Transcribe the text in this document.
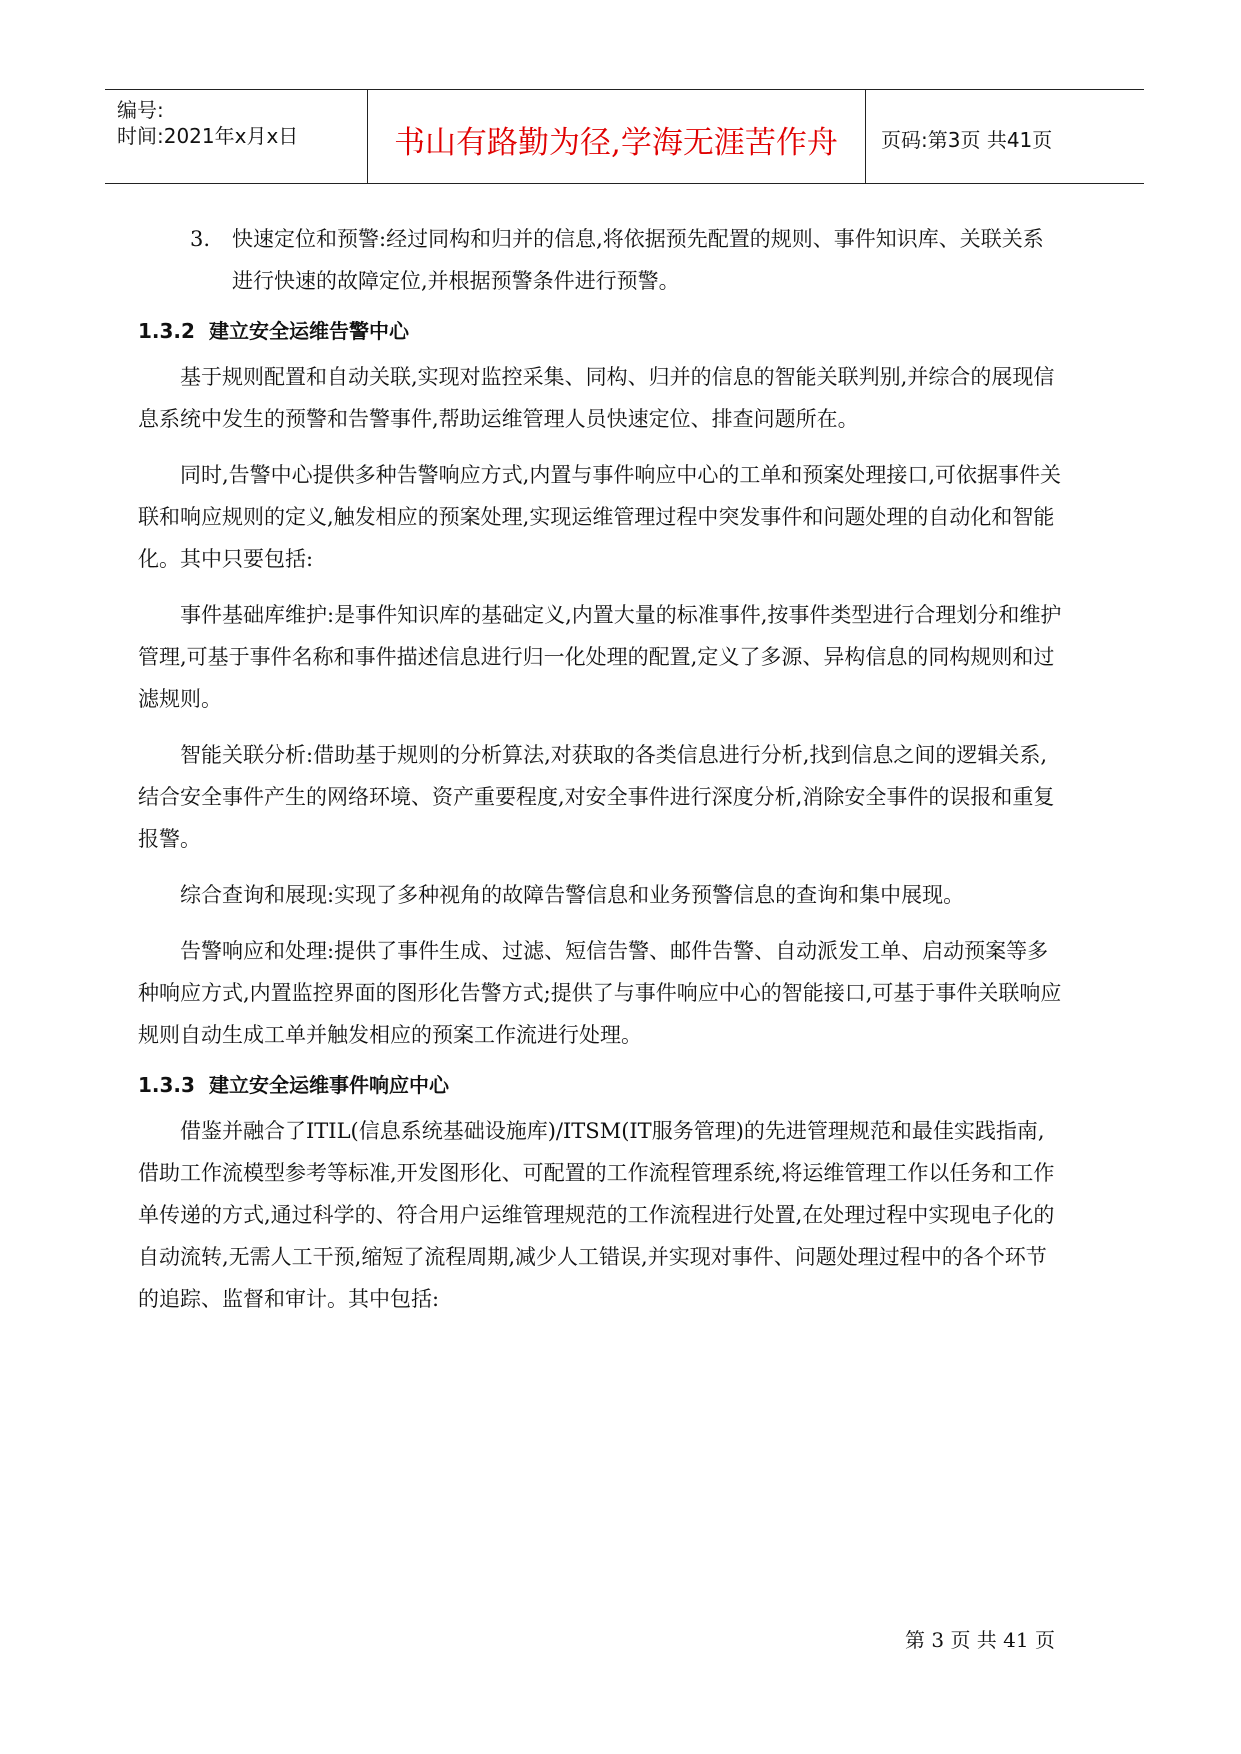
编号:
时间:2021年x月x日	书山有路勤为径,学海无涯苦作舟	页码:第3页 共41页
3. 快速定位和预警:经过同构和归并的信息,将依据预先配置的规则、事件知识库、关联关系进行快速的故障定位,并根据预警条件进行预警。
1.3.2 建立安全运维告警中心

基于规则配置和自动关联,实现对监控采集、同构、归并的信息的智能关联判别,并综合的展现信息系统中发生的预警和告警事件,帮助运维管理人员快速定位、排查问题所在。

同时,告警中心提供多种告警响应方式,内置与事件响应中心的工单和预案处理接口,可依据事件关联和响应规则的定义,触发相应的预案处理,实现运维管理过程中突发事件和问题处理的自动化和智能化。其中只要包括:

事件基础库维护:是事件知识库的基础定义,内置大量的标准事件,按事件类型进行合理划分和维护管理,可基于事件名称和事件描述信息进行归一化处理的配置,定义了多源、异构信息的同构规则和过滤规则。

智能关联分析:借助基于规则的分析算法,对获取的各类信息进行分析,找到信息之间的逻辑关系,结合安全事件产生的网络环境、资产重要程度,对安全事件进行深度分析,消除安全事件的误报和重复报警。

综合查询和展现:实现了多种视角的故障告警信息和业务预警信息的查询和集中展现。

告警响应和处理:提供了事件生成、过滤、短信告警、邮件告警、自动派发工单、启动预案等多种响应方式,内置监控界面的图形化告警方式;提供了与事件响应中心的智能接口,可基于事件关联响应规则自动生成工单并触发相应的预案工作流进行处理。

1.3.3 建立安全运维事件响应中心

借鉴并融合了ITIL(信息系统基础设施库)/ITSM(IT服务管理)的先进管理规范和最佳实践指南,借助工作流模型参考等标准,开发图形化、可配置的工作流程管理系统,将运维管理工作以任务和工作单传递的方式,通过科学的、符合用户运维管理规范的工作流程进行处置,在处理过程中实现电子化的自动流转,无需人工干预,缩短了流程周期,减少人工错误,并实现对事件、问题处理过程中的各个环节的追踪、监督和审计。其中包括:

第 3 页 共 41 页
